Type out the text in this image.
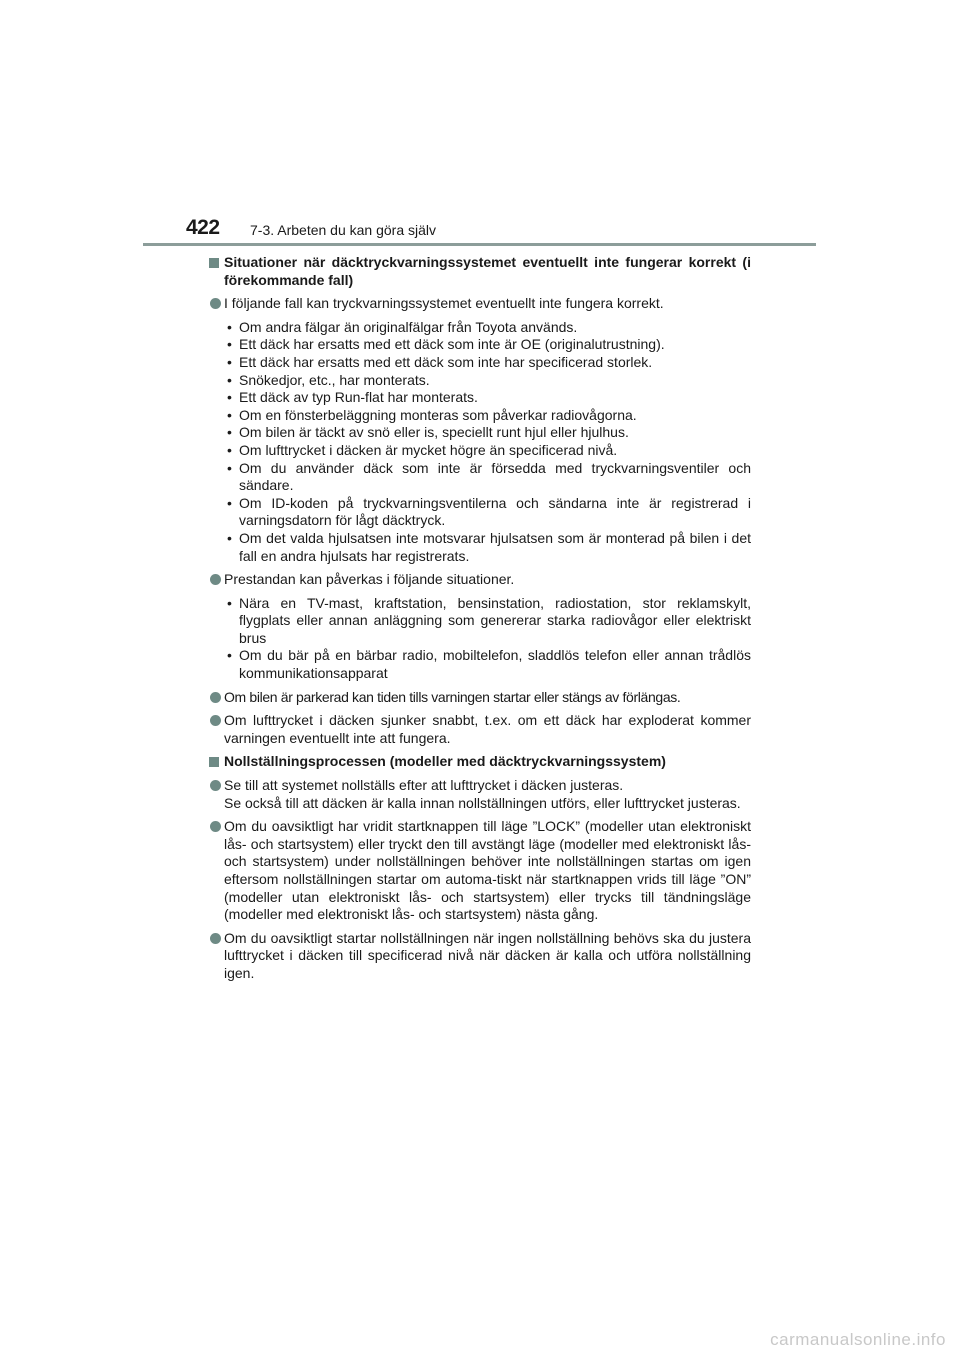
422 7-3. Arbeten du kan göra själv
Situationer när däcktryckvarningssystemet eventuellt inte fungerar korrekt (i förekommande fall)

I följande fall kan tryckvarningssystemet eventuellt inte fungera korrekt.

• Om andra fälgar än originalfälgar från Toyota används.
• Ett däck har ersatts med ett däck som inte är OE (originalutrustning).
• Ett däck har ersatts med ett däck som inte har specificerad storlek.
• Snökedjor, etc., har monterats.
• Ett däck av typ Run-flat har monterats.
• Om en fönsterbeläggning monteras som påverkar radiovågorna.
• Om bilen är täckt av snö eller is, speciellt runt hjul eller hjulhus.
• Om lufttrycket i däcken är mycket högre än specificerad nivå.
• Om du använder däck som inte är försedda med tryckvarningsventiler och sändare.
• Om ID-koden på tryckvarningsventilerna och sändarna inte är registrerad i varningsdatorn för lågt däcktryck.
• Om det valda hjulsatsen inte motsvarar hjulsatsen som är monterad på bilen i det fall en andra hjulsats har registrerats.

Prestandan kan påverkas i följande situationer.

• Nära en TV-mast, kraftstation, bensinstation, radiostation, stor reklamskylt, flygplats eller annan anläggning som genererar starka radiovågor eller elektriskt brus
• Om du bär på en bärbar radio, mobiltelefon, sladdlös telefon eller annan trådlös kommunikationsapparat

Om bilen är parkerad kan tiden tills varningen startar eller stängs av förlängas.

Om lufttrycket i däcken sjunker snabbt, t.ex. om ett däck har exploderat kommer varningen eventuellt inte att fungera.

Nollställningsprocessen (modeller med däcktryckvarningssystem)

Se till att systemet nollställs efter att lufttrycket i däcken justeras.

Se också till att däcken är kalla innan nollställningen utförs, eller lufttrycket justeras.

Om du oavsiktligt har vridit startknappen till läge ”LOCK” (modeller utan elektroniskt lås- och startsystem) eller tryckt den till avstängt läge (modeller med elektroniskt lås- och startsystem) under nollställningen behöver inte nollställningen startas om igen eftersom nollställningen startar om automa-tiskt när startknappen vrids till läge ”ON” (modeller utan elektroniskt lås- och startsystem) eller trycks till tändningsläge (modeller med elektroniskt lås- och startsystem) nästa gång.

Om du oavsiktligt startar nollställningen när ingen nollställning behövs ska du justera lufttrycket i däcken till specificerad nivå när däcken är kalla och utföra nollställning igen.

carmanualsonline.info
